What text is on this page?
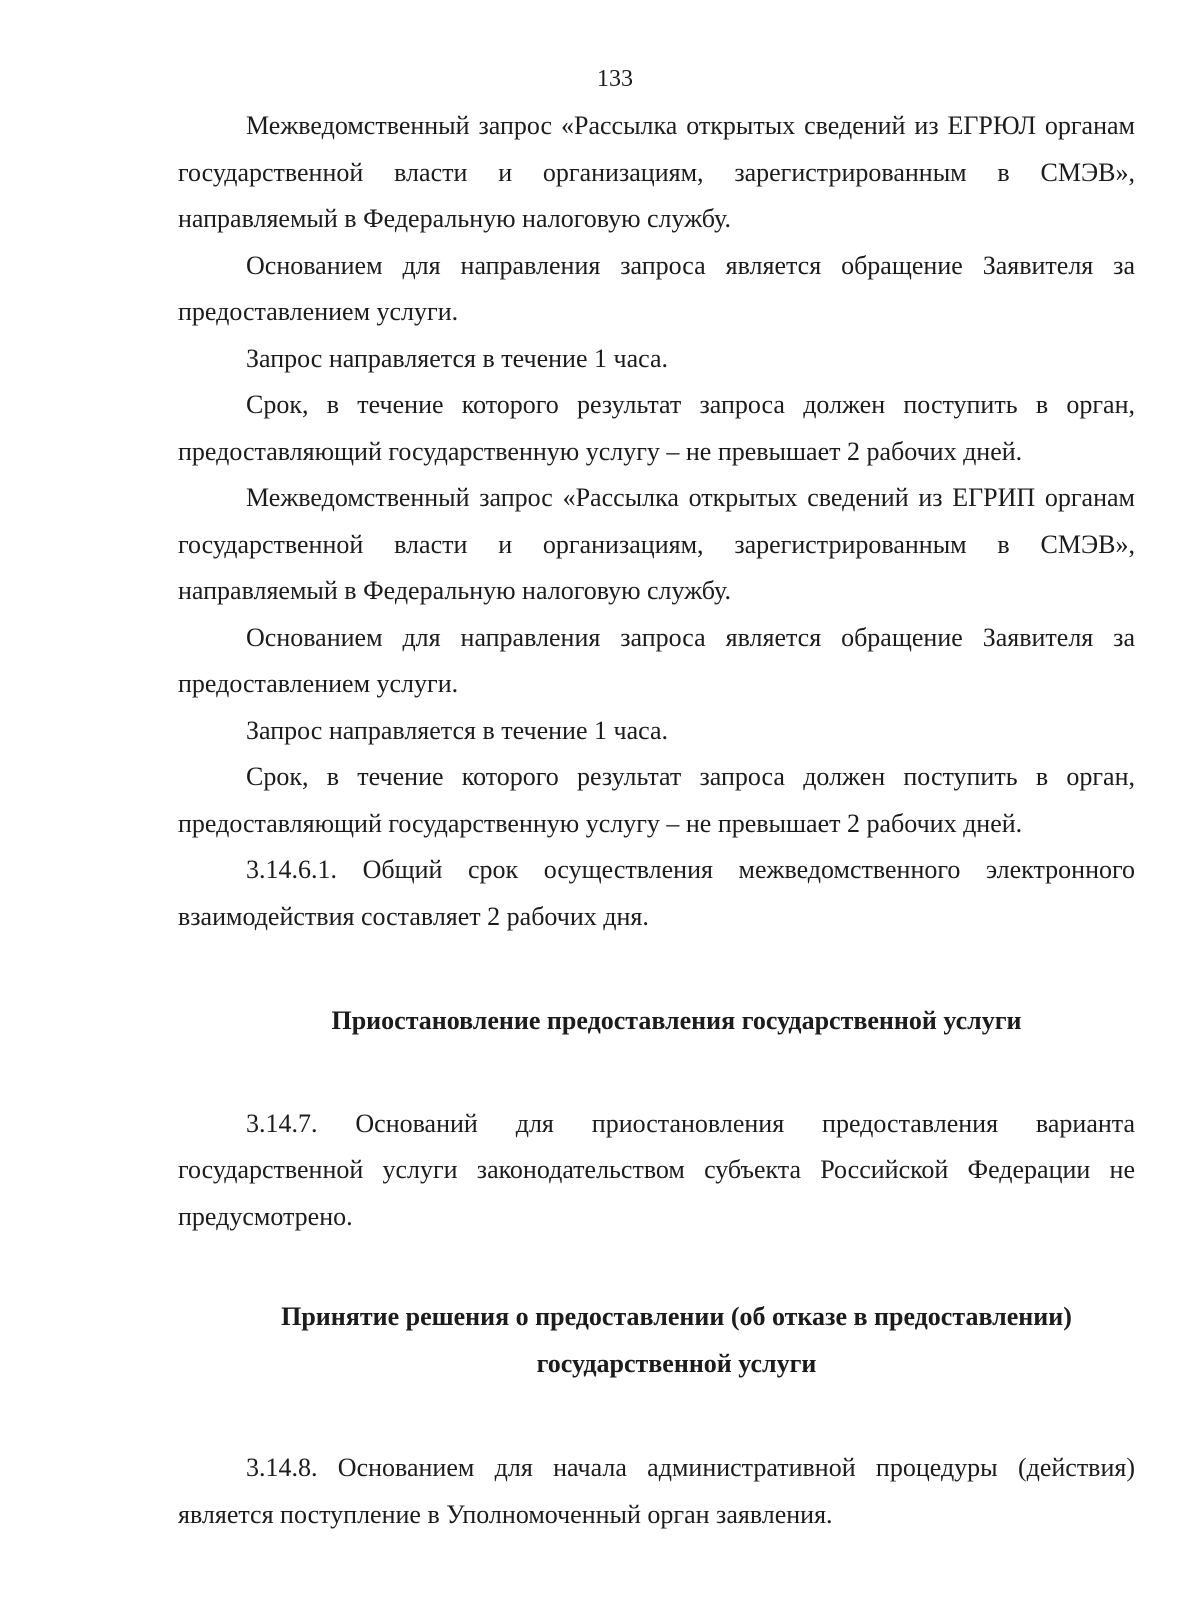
133

Межведомственный запрос «Рассылка открытых сведений из ЕГРЮЛ органам государственной власти и организациям, зарегистрированным в СМЭВ», направляемый в Федеральную налоговую службу.

Основанием для направления запроса является обращение Заявителя за предоставлением услуги.

Запрос направляется в течение 1 часа.

Срок, в течение которого результат запроса должен поступить в орган, предоставляющий государственную услугу – не превышает 2 рабочих дней.

Межведомственный запрос «Рассылка открытых сведений из ЕГРИП органам государственной власти и организациям, зарегистрированным в СМЭВ», направляемый в Федеральную налоговую службу.

Основанием для направления запроса является обращение Заявителя за предоставлением услуги.

Запрос направляется в течение 1 часа.

Срок, в течение которого результат запроса должен поступить в орган, предоставляющий государственную услугу – не превышает 2 рабочих дней.

3.14.6.1. Общий срок осуществления межведомственного электронного взаимодействия составляет 2 рабочих дня.

Приостановление предоставления государственной услуги

3.14.7. Оснований для приостановления предоставления варианта государственной услуги законодательством субъекта Российской Федерации не предусмотрено.

Принятие решения о предоставлении (об отказе в предоставлении)

государственной услуги

3.14.8. Основанием для начала административной процедуры (действия) является поступление в Уполномоченный орган заявления.
